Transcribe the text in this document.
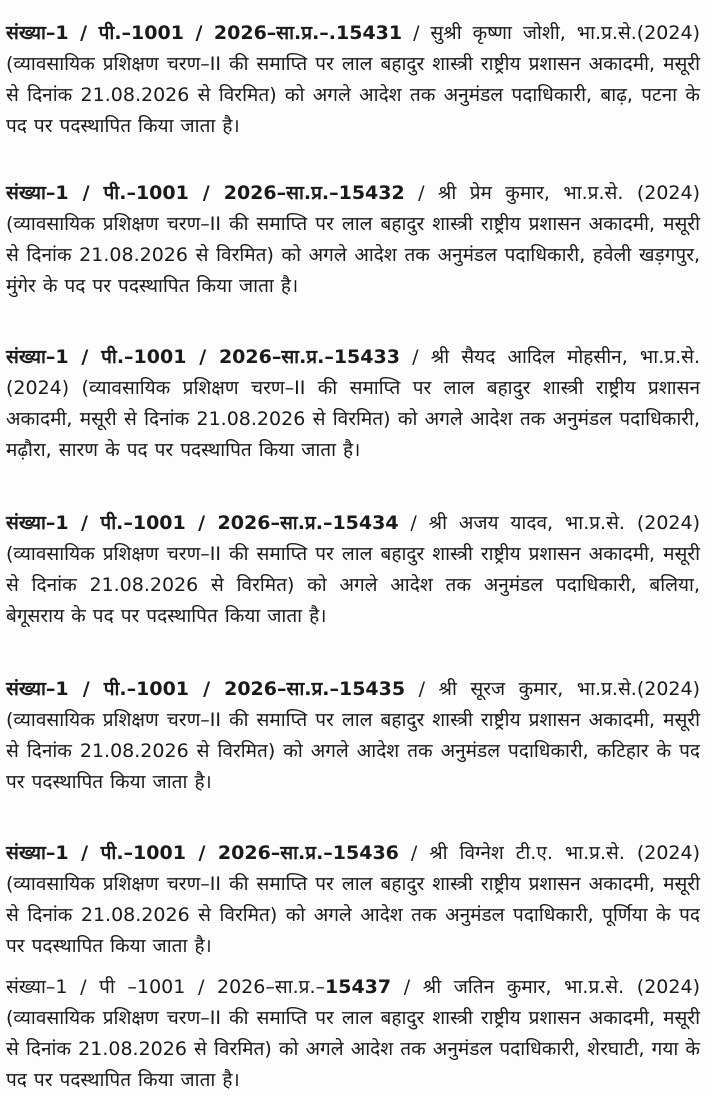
संख्या–1 / पी.–1001 / 2026–सा.प्र.–.15431 / सुश्री कृष्णा जोशी, भा.प्र.से.(2024) (व्यावसायिक प्रशिक्षण चरण–II की समाप्ति पर लाल बहादुर शास्त्री राष्ट्रीय प्रशासन अकादमी, मसूरी से दिनांक 21.08.2026 से विरमित) को अगले आदेश तक अनुमंडल पदाधिकारी, बाढ़, पटना के पद पर पदस्थापित किया जाता है।

संख्या–1 / पी.–1001 / 2026–सा.प्र.–15432 / श्री प्रेम कुमार, भा.प्र.से. (2024) (व्यावसायिक प्रशिक्षण चरण–II की समाप्ति पर लाल बहादुर शास्त्री राष्ट्रीय प्रशासन अकादमी, मसूरी से दिनांक 21.08.2026 से विरमित) को अगले आदेश तक अनुमंडल पदाधिकारी, हवेली खड़गपुर, मुंगेर के पद पर पदस्थापित किया जाता है।

संख्या–1 / पी.–1001 / 2026–सा.प्र.–15433 / श्री सैयद आदिल मोहसीन, भा.प्र.से. (2024) (व्यावसायिक प्रशिक्षण चरण–II की समाप्ति पर लाल बहादुर शास्त्री राष्ट्रीय प्रशासन अकादमी, मसूरी से दिनांक 21.08.2026 से विरमित) को अगले आदेश तक अनुमंडल पदाधिकारी, मढ़ौरा, सारण के पद पर पदस्थापित किया जाता है।

संख्या–1 / पी.–1001 / 2026–सा.प्र.–15434 / श्री अजय यादव, भा.प्र.से. (2024) (व्यावसायिक प्रशिक्षण चरण–II की समाप्ति पर लाल बहादुर शास्त्री राष्ट्रीय प्रशासन अकादमी, मसूरी से दिनांक 21.08.2026 से विरमित) को अगले आदेश तक अनुमंडल पदाधिकारी, बलिया, बेगूसराय के पद पर पदस्थापित किया जाता है।

संख्या–1 / पी.–1001 / 2026–सा.प्र.–15435 / श्री सूरज कुमार, भा.प्र.से.(2024) (व्यावसायिक प्रशिक्षण चरण–II की समाप्ति पर लाल बहादुर शास्त्री राष्ट्रीय प्रशासन अकादमी, मसूरी से दिनांक 21.08.2026 से विरमित) को अगले आदेश तक अनुमंडल पदाधिकारी, कटिहार के पद पर पदस्थापित किया जाता है।

संख्या–1 / पी.–1001 / 2026–सा.प्र.–15436 / श्री विग्नेश टी.ए. भा.प्र.से. (2024) (व्यावसायिक प्रशिक्षण चरण–II की समाप्ति पर लाल बहादुर शास्त्री राष्ट्रीय प्रशासन अकादमी, मसूरी से दिनांक 21.08.2026 से विरमित) को अगले आदेश तक अनुमंडल पदाधिकारी, पूर्णिया के पद पर पदस्थापित किया जाता है।

संख्या–1 / पी –1001 / 2026–सा.प्र.–15437 / श्री जतिन कुमार, भा.प्र.से. (2024) (व्यावसायिक प्रशिक्षण चरण–II की समाप्ति पर लाल बहादुर शास्त्री राष्ट्रीय प्रशासन अकादमी, मसूरी से दिनांक 21.08.2026 से विरमित) को अगले आदेश तक अनुमंडल पदाधिकारी, शेरघाटी, गया के पद पर पदस्थापित किया जाता है।
